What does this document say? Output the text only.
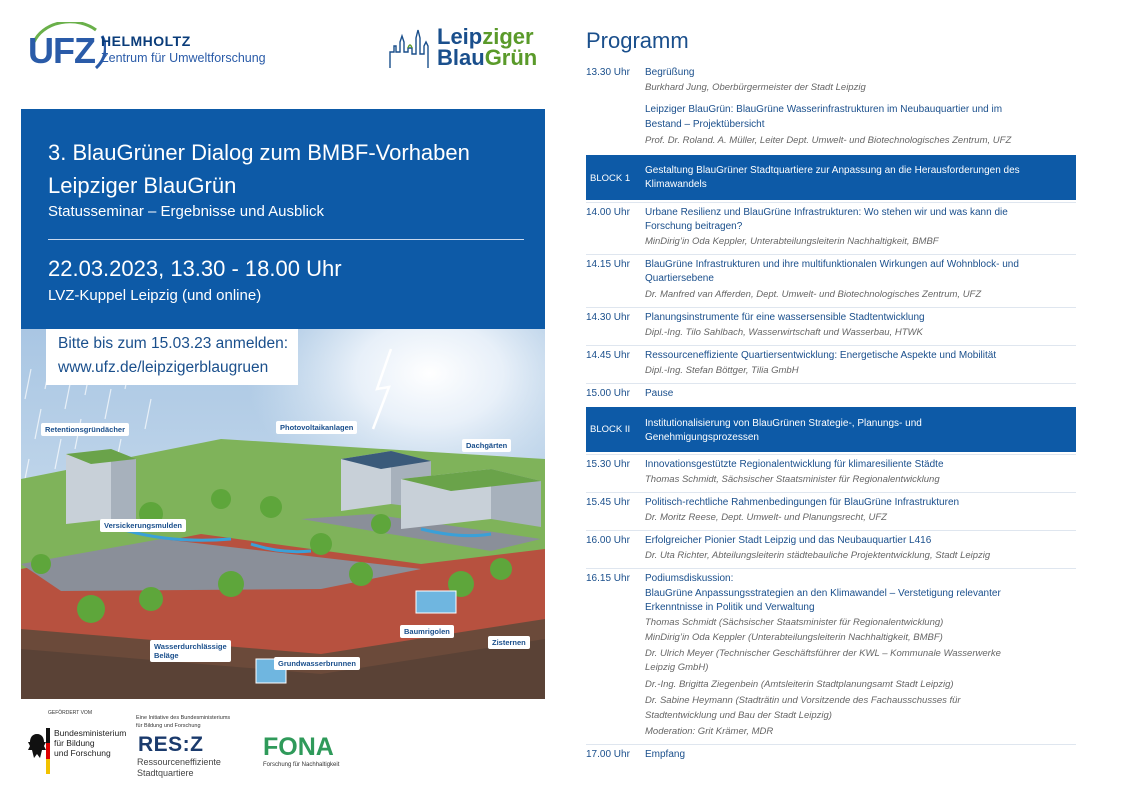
UFZ HELMHOLTZ
Zentrum für Umweltforschung
Leipziger
BlauGrün
3. BlauGrüner Dialog zum BMBF-Vorhaben
Leipziger BlauGrün
Statusseminar – Ergebnisse und Ausblick
22.03.2023, 13.30 - 18.00 Uhr
LVZ-Kuppel Leipzig (und online)
Bitte bis zum 15.03.23 anmelden:
www.ufz.de/leipzigerblaugruen
Retentionsgründächer	Photovoltaikanlagen
Dachgärten
Versickerungsmulden
Wasserdurchlässige
Beläge
Baumrigolen
Zisternen
Grundwasserbrunnen
GEFÖRDERT VOM
Bundesministerium
für Bildung
und Forschung
Eine Initiative des Bundesministeriums
für Bildung und Forschung
RES:Z
Ressourceneffiziente
Stadtquartiere
FONA
Forschung für Nachhaltigkeit
Programm
13.30 Uhr Begrüßung
Burkhard Jung, Oberbürgermeister der Stadt Leipzig
Leipziger BlauGrün: BlauGrüne Wasserinfrastrukturen im Neubauquartier und im
Bestand – Projektübersicht
Prof. Dr. Roland. A. Müller, Leiter Dept. Umwelt- und Biotechnologisches Zentrum, UFZ
BLOCK 1
Gestaltung BlauGrüner Stadtquartiere zur Anpassung an die Herausforderungen des
Klimawandels
14.00 Uhr Urbane Resilienz und BlauGrüne Infrastrukturen: Wo stehen wir und was kann die
Forschung beitragen?
MinDirig’in Oda Keppler, Unterabteilungsleiterin Nachhaltigkeit, BMBF
14.15 Uhr BlauGrüne Infrastrukturen und ihre multifunktionalen Wirkungen auf Wohnblock- und
Quartiersebene
Dr. Manfred van Afferden, Dept. Umwelt- und Biotechnologisches Zentrum, UFZ
14.30 Uhr Planungsinstrumente für eine wassersensible Stadtentwicklung
Dipl.-Ing. Tilo Sahlbach, Wasserwirtschaft und Wasserbau, HTWK
14.45 Uhr Ressourceneffiziente Quartiersentwicklung: Energetische Aspekte und Mobilität
Dipl.-Ing. Stefan Böttger, Tilia GmbH
15.00 Uhr Pause
BLOCK II
Institutionalisierung von BlauGrünen Strategie-, Planungs- und
Genehmigungsprozessen
15.30 Uhr Innovationsgestützte Regionalentwicklung für klimaresiliente Städte
Thomas Schmidt, Sächsischer Staatsminister für Regionalentwicklung
15.45 Uhr Politisch-rechtliche Rahmenbedingungen für BlauGrüne Infrastrukturen
Dr. Moritz Reese, Dept. Umwelt- und Planungsrecht, UFZ
16.00 Uhr Erfolgreicher Pionier Stadt Leipzig und das Neubauquartier L416
Dr. Uta Richter, Abteilungsleiterin städtebauliche Projektentwicklung, Stadt Leipzig
16.15 Uhr Podiumsdiskussion:
BlauGrüne Anpassungsstrategien an den Klimawandel – Verstetigung relevanter
Erkenntnisse in Politik und Verwaltung
Thomas Schmidt (Sächsischer Staatsminister für Regionalentwicklung)
MinDirig’in Oda Keppler (Unterabteilungsleiterin Nachhaltigkeit, BMBF)
Dr. Ulrich Meyer (Technischer Geschäftsführer der KWL – Kommunale Wasserwerke
Leipzig GmbH)
Dr.-Ing. Brigitta Ziegenbein (Amtsleiterin Stadtplanungsamt Stadt Leipzig)
Dr. Sabine Heymann (Stadträtin und Vorsitzende des Fachausschusses für
Stadtentwicklung und Bau der Stadt Leipzig)
Moderation: Grit Krämer, MDR
17.00 Uhr Empfang
